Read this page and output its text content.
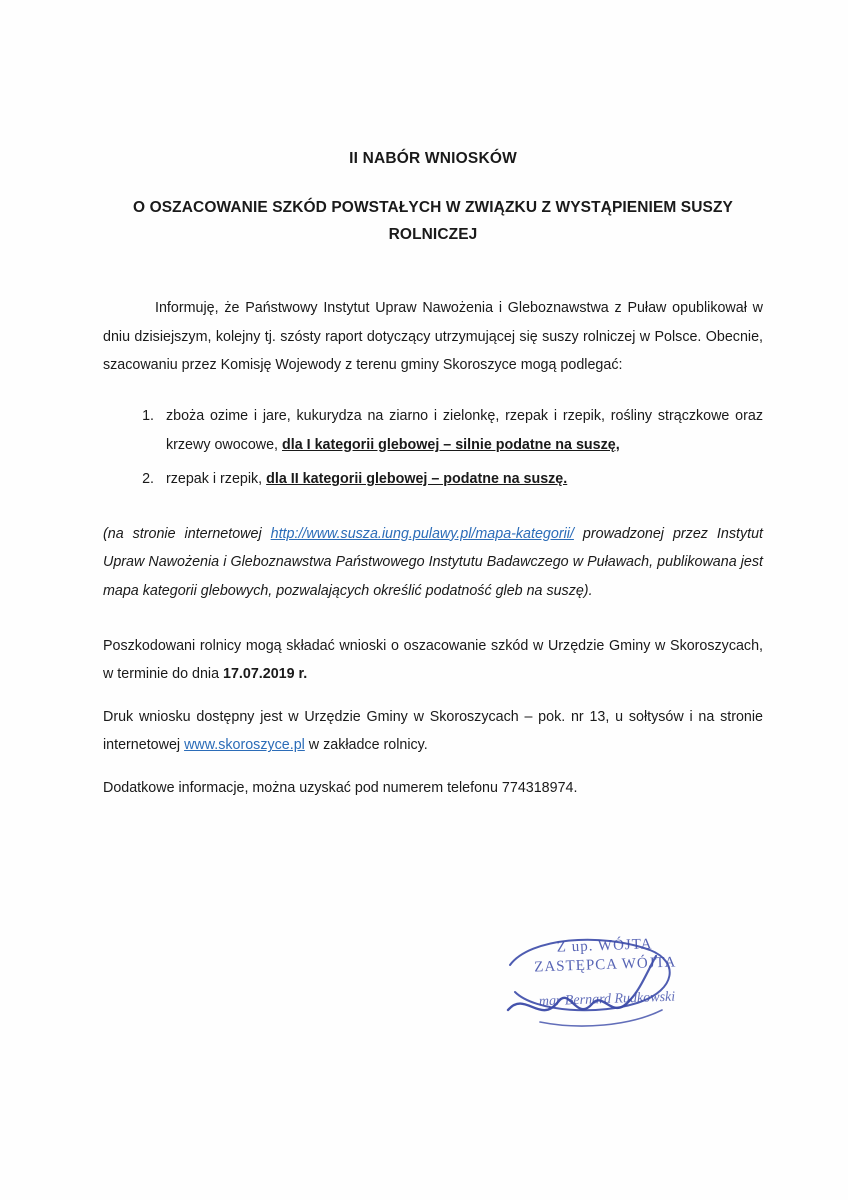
II NABÓR WNIOSKÓW
O OSZACOWANIE SZKÓD POWSTAŁYCH W ZWIĄZKU Z WYSTĄPIENIEM SUSZY ROLNICZEJ

Informuję, że Państwowy Instytut Upraw Nawożenia i Gleboznawstwa z Puław opublikował w dniu dzisiejszym, kolejny tj. szósty raport dotyczący utrzymującej się suszy rolniczej w Polsce. Obecnie, szacowaniu przez Komisję Wojewody z terenu gminy Skoroszyce mogą podlegać:

1. zboża ozime i jare, kukurydza na ziarno i zielonkę, rzepak i rzepik, rośliny strączkowe oraz krzewy owocowe, dla I kategorii glebowej – silnie podatne na suszę,
2. rzepak i rzepik, dla II kategorii glebowej – podatne na suszę.
(na stronie internetowej http://www.susza.iung.pulawy.pl/mapa-kategorii/ prowadzonej przez Instytut Upraw Nawożenia i Gleboznawstwa Państwowego Instytutu Badawczego w Puławach, publikowana jest mapa kategorii glebowych, pozwalających określić podatność gleb na suszę).

Poszkodowani rolnicy mogą składać wnioski o oszacowanie szkód w Urzędzie Gminy w Skoroszycach, w terminie do dnia 17.07.2019 r.

Druk wniosku dostępny jest w Urzędzie Gminy w Skoroszycach – pok. nr 13, u sołtysów i na stronie internetowej www.skoroszyce.pl w zakładce rolnicy.

Dodatkowe informacje, można uzyskać pod numerem telefonu 774318974.

Z up. WÓJTA
ZASTĘPCA WÓJTA
mgr Bernard Rudkowski
